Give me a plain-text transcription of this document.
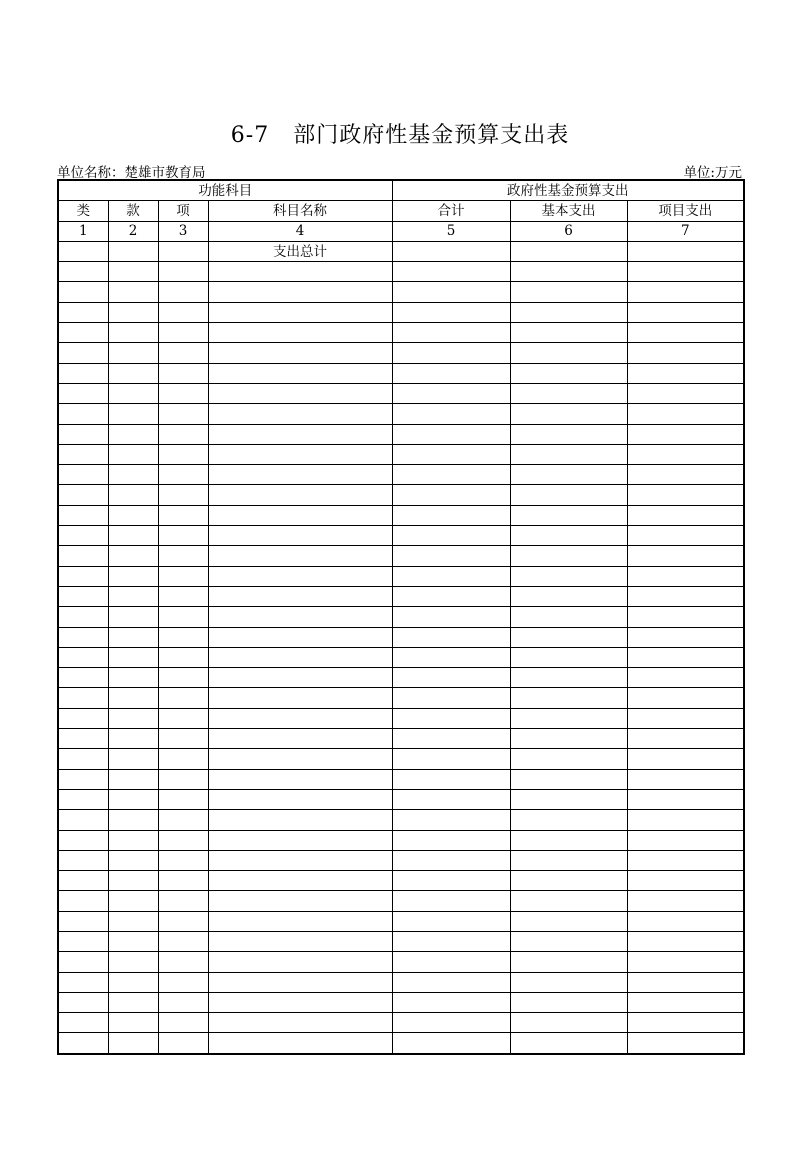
6-7   部门政府性基金预算支出表
单位名称：楚雄市教育局	单位:万元
功能科目				政府性基金预算支出		
类	款	项	科目名称	合计	基本支出	项目支出
1	2	3	4	5	6	7
			支出总计			
